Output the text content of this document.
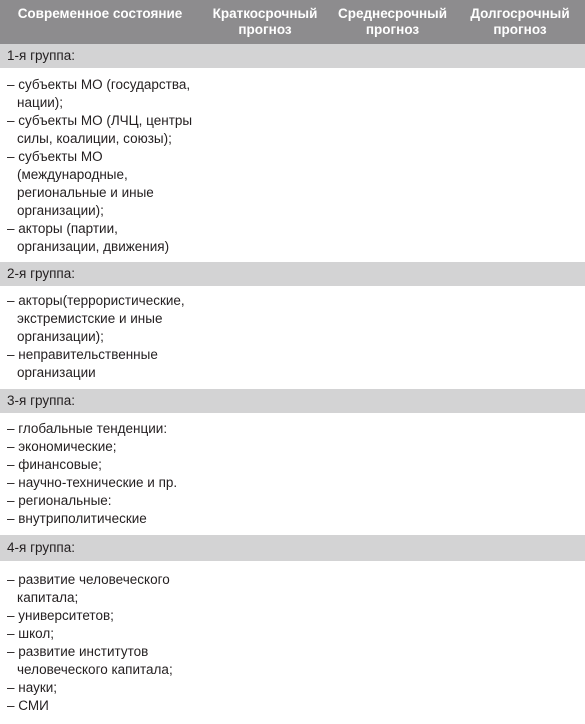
Современное состояние	Краткосрочный прогноз
Среднесрочный прогноз
Долгосрочный прогноз
1-я группа:
– субъекты МО (государства, нации);
– субъекты МО (ЛЧЦ, центры силы, коалиции, союзы);
– субъекты МО (международные, региональные и иные организации);
– акторы (партии, организации, движения)
2-я группа:
– акторы(террористические, экстремистские и иные организации);
– неправительственные организации
3-я группа:
– глобальные тенденции:
– экономические;
– финансовые;
– научно-технические и пр.
– региональные:
– внутриполитические
4-я группа:
– развитие человеческого капитала;
– университетов;
– школ;
– развитие институтов человеческого капитала;
– науки;
– СМИ
